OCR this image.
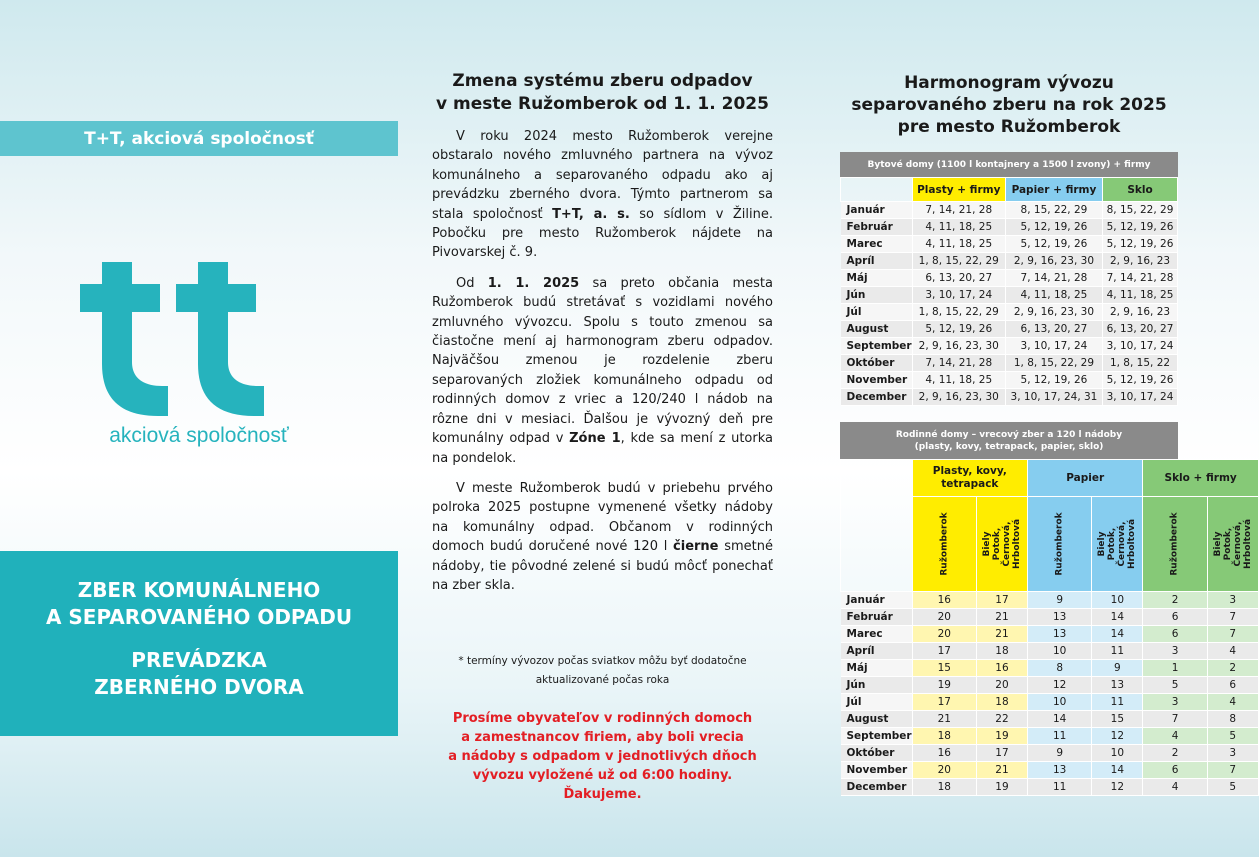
T+T, akciová spoločnosť
akciová spoločnosť
ZBER KOMUNÁLNEHO
A SEPAROVANÉHO ODPADU
PREVÁDZKA
ZBERNÉHO DVORA
Zmena systému zberu odpadov
v meste Ružomberok od 1. 1. 2025

V roku 2024 mesto Ružomberok verejne obstaralo nového zmluvného partnera na vývoz komunálneho a separovaného odpadu ako aj prevádzku zberného dvora. Týmto partnerom sa stala spoločnosť T+T, a. s. so sídlom v Žiline. Pobočku pre mesto Ružomberok nájdete na Pivovarskej č. 9.

Od 1. 1. 2025 sa preto občania mesta Ružomberok budú stretávať s vozidlami nového zmluvného vývozcu. Spolu s touto zmenou sa čiastočne mení aj harmonogram zberu odpadov. Najväčšou zmenou je rozdelenie zberu separovaných zložiek komunálneho odpadu od rodinných domov z vriec a 120/240 l nádob na rôzne dni v mesiaci. Ďalšou je vývozný deň pre komunálny odpad v Zóne 1, kde sa mení z utorka na pondelok.

V meste Ružomberok budú v priebehu prvého polroka 2025 postupne vymenené všetky nádoby na komunálny odpad. Občanom v rodinných domoch budú doručené nové 120 l čierne smetné nádoby, tie pôvodné zelené si budú môcť ponechať na zber skla.

* termíny vývozov počas sviatkov môžu byť dodatočne
aktualizované počas roka
Prosíme obyvateľov v rodinných domoch
a zamestnancov firiem, aby boli vrecia
a nádoby s odpadom v jednotlivých dňoch
vývozu vyložené už od 6:00 hodiny. Ďakujeme.
Harmonogram vývozu
separovaného zberu na rok 2025
pre mesto Ružomberok
Bytové domy (1100 l kontajnery a 1500 l zvony) + firmy
	Plasty + firmy	Papier + firmy	Sklo
Január	7, 14, 21, 28	8, 15, 22, 29	8, 15, 22, 29
Február	4, 11, 18, 25	5, 12, 19, 26	5, 12, 19, 26
Marec	4, 11, 18, 25	5, 12, 19, 26	5, 12, 19, 26
Apríl	1, 8, 15, 22, 29	2, 9, 16, 23, 30	2, 9, 16, 23
Máj	6, 13, 20, 27	7, 14, 21, 28	7, 14, 21, 28
Jún	3, 10, 17, 24	4, 11, 18, 25	4, 11, 18, 25
Júl	1, 8, 15, 22, 29	2, 9, 16, 23, 30	2, 9, 16, 23
August	5, 12, 19, 26	6, 13, 20, 27	6, 13, 20, 27
September	2, 9, 16, 23, 30	3, 10, 17, 24	3, 10, 17, 24
Október	7, 14, 21, 28	1, 8, 15, 22, 29	1, 8, 15, 22
November	4, 11, 18, 25	5, 12, 19, 26	5, 12, 19, 26
December	2, 9, 16, 23, 30	3, 10, 17, 24, 31	3, 10, 17, 24
Rodinné domy – vrecový zber a 120 l nádoby
(plasty, kovy, tetrapack, papier, sklo)
	Plasty, kovy,
tetrapack		Papier		Sklo + firmy	
	Ružomberok	Biely Potok,
Černová,
Hrboltová	Ružomberok	Biely Potok,
Černová,
Hrboltová	Ružomberok	Biely Potok,
Černová,
Hrboltová
Január	16	17	9	10	2	3
Február	20	21	13	14	6	7
Marec	20	21	13	14	6	7
Apríl	17	18	10	11	3	4
Máj	15	16	8	9	1	2
Jún	19	20	12	13	5	6
Júl	17	18	10	11	3	4
August	21	22	14	15	7	8
September	18	19	11	12	4	5
Október	16	17	9	10	2	3
November	20	21	13	14	6	7
December	18	19	11	12	4	5
